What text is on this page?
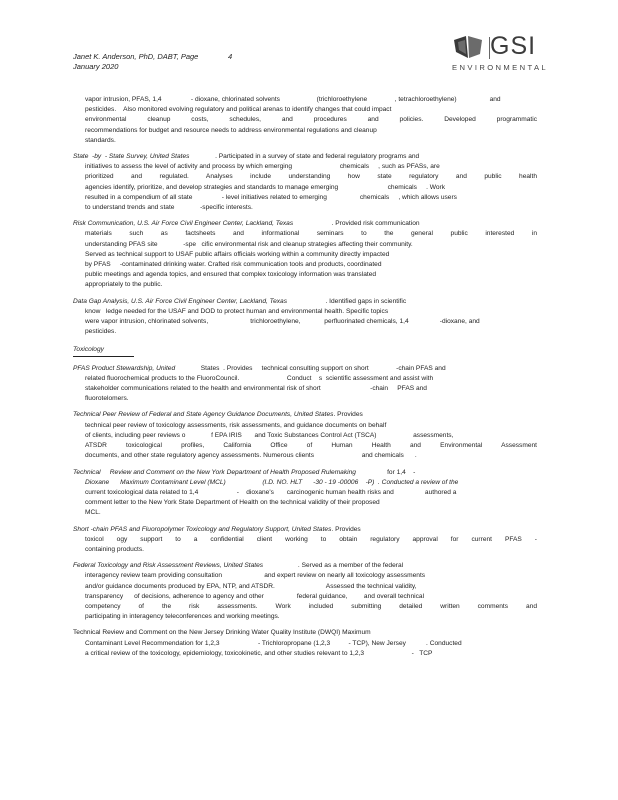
Janet K. Anderson, PhD, DABT, Page	4
January 2020
GSI
ENVIRONMENTAL
vapor intrusion, PFAS, 1,4                - dioxane, chlorinated solvents                    (trichloroethylene               , tetrachloroethylene)                  and
pesticides.    Also monitored evolving regulatory and political arenas to identify changes that could impact
environmental cleanup costs, schedules, and procedures and policies. Developed programmatic
recommendations for budget and resource needs to address environmental regulations and cleanup
standards.
State  -by  - State Survey, United States              . Participated in a survey of state and federal regulatory programs and
initiatives to assess the level of activity and process by which emerging                          chemicals     , such as PFASs, are
prioritized and regulated. Analyses include understanding how state regulatory and public health
agencies identify, prioritize, and develop strategies and standards to manage emerging                           chemicals     . Work
resulted in a compendium of all state                - level initiatives related to emerging                  chemicals     , which allows users
to understand trends and state              -specific interests.
Risk Communication, U.S. Air Force Civil Engineer Center, Lackland, Texas                     . Provided risk communication
materials such as factsheets and informational seminars to the general public interested in
understanding PFAS site              -spe   cific environmental risk and cleanup strategies affecting their community.
Served as technical support to USAF public affairs officials working within a community directly impacted
by PFAS     -contaminated drinking water. Crafted risk communication tools and products, coordinated
public meetings and agenda topics, and ensured that complex toxicology information was translated
appropriately to the public.
Data Gap Analysis, U.S. Air Force Civil Engineer Center, Lackland, Texas                     . Identified gaps in scientific
know   ledge needed for the USAF and DOD to protect human and environmental health. Specific topics
were vapor intrusion, chlorinated solvents,                       trichloroethylene,             perfluorinated chemicals, 1,4                 -dioxane, and
pesticides.
Toxicology
PFAS Product Stewardship, United              States  . Provides     technical consulting support on short               -chain PFAS and
related fluorochemical products to the FluoroCouncil.                          Conduct    s  scientific assessment and assist with
stakeholder communications related to the health and environmental risk of short                           -chain     PFAS and
fluorotelomers.
Technical Peer Review of Federal and State Agency Guidance Documents, United States. Provides
technical peer review of toxicology assessments, risk assessments, and guidance documents on behalf
of clients, including peer reviews o              f EPA IRIS       and Toxic Substances Control Act (TSCA)                    assessments,
ATSDR toxicological profiles, California Office of Human Health and Environmental Assessment
documents, and other state regulatory agency assessments. Numerous clients                          and chemicals      .
Technical     Review and Comment on the New York Department of Health Proposed Rulemaking                 for 1,4    -
Dioxane      Maximum Contaminant Level (MCL)                    (I.D. NO. HLT      -30 - 19 -00006    -P)  . Conducted a review of the
current toxicological data related to 1,4                     -    dioxane's       carcinogenic human health risks and                 authored a
comment letter to the New York State Department of Health on the technical validity of their proposed
MCL.
Short -chain PFAS and Fluoropolymer Toxicology and Regulatory Support, United States. Provides
toxicol ogy support to a confidential client working to obtain regulatory approval for current PFAS -
containing products.
Federal Toxicology and Risk Assessment Reviews, United States                   . Served as a member of the federal
interagency review team providing consultation                       and expert review on nearly all toxicology assessments
and/or guidance documents produced by EPA, NTP, and ATSDR.                            Assessed the technical validity,
transparency      of decisions, adherence to agency and other                  federal guidance,         and overall technical
competency of the risk assessments. Work included submitting detailed written comments and
participating in interagency teleconferences and working meetings.
Technical Review and Comment on the New Jersey Drinking Water Quality Institute (DWQI) Maximum
Contaminant Level Recommendation for 1,2,3                     - Trichloropropane (1,2,3          - TCP), New Jersey           . Conducted
a critical review of the toxicology, epidemiology, toxicokinetic, and other studies relevant to 1,2,3                          -   TCP
